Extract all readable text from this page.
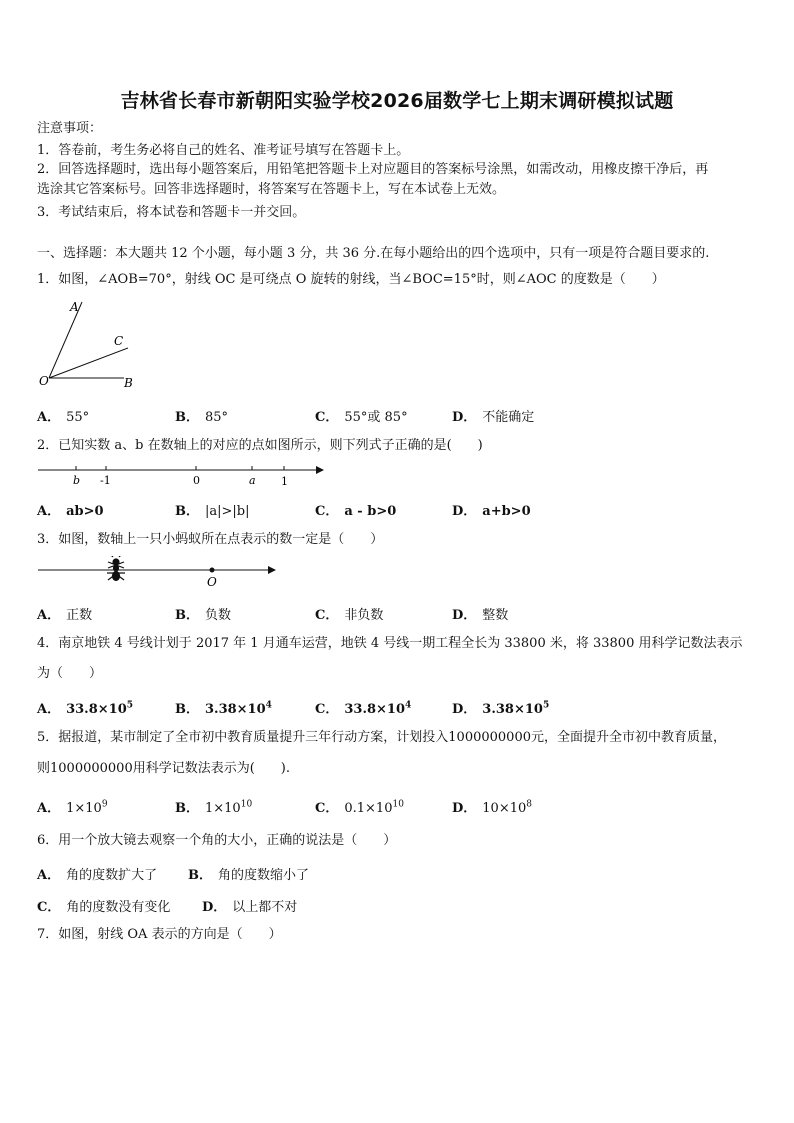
吉林省长春市新朝阳实验学校2026届数学七上期末调研模拟试题
注意事项：
1．答卷前，考生务必将自己的姓名、准考证号填写在答题卡上。
2．回答选择题时，选出每小题答案后，用铅笔把答题卡上对应题目的答案标号涂黑，如需改动，用橡皮擦干净后，再
选涂其它答案标号。回答非选择题时，将答案写在答题卡上，写在本试卷上无效。
3．考试结束后，将本试卷和答题卡一并交回。
一、选择题：本大题共 12 个小题，每小题 3 分，共 36 分.在每小题给出的四个选项中，只有一项是符合题目要求的.
1．如图，∠AOB=70°，射线 OC 是可绕点 O 旋转的射线，当∠BOC=15°时，则∠AOC 的度数是（　　）
A
C
O	B
A． 55°	B． 85°	C． 55°或 85°	D． 不能确定
2．已知实数 a、b 在数轴上的对应的点如图所示，则下列式子正确的是(　　)
b -1	0	a 1
A． ab>0	B． |a|>|b|	C． a - b>0	D． a+b>0
3．如图，数轴上一只小蚂蚁所在点表示的数一定是（　　）
O
A． 正数	B． 负数	C． 非负数	D． 整数
4．南京地铁 4 号线计划于 2017 年 1 月通车运营，地铁 4 号线一期工程全长为 33800 米，将 33800 用科学记数法表示
为（　　）
A． $33.8\times 10^5$	B． $3.38\times 10^4$	C． $33.8\times 10^4$	D． $3.38\times 10^5$
5．据报道，某市制定了全市初中教育质量提升三年行动方案，计划投入1000000000元，全面提升全市初中教育质量，
则1000000000用科学记数法表示为(　　).
A． $1\times 10^9$	B． $1\times 10^{10}$	C． $0.1\times 10^{10}$	D． $10\times 10^8$
6．用一个放大镜去观察一个角的大小，正确的说法是（　　）
A． 角的度数扩大了 B． 角的度数缩小了
C． 角的度数没有变化 D． 以上都不对
7．如图，射线 OA 表示的方向是（　　）
